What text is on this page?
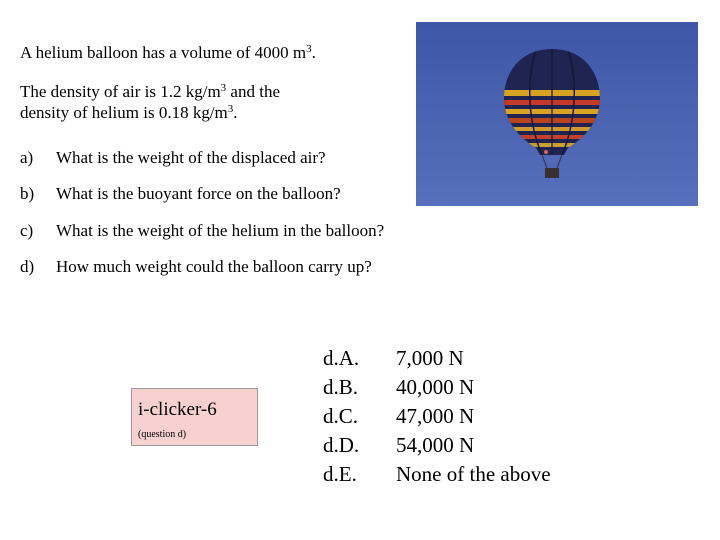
A helium balloon has a volume of 4000 $m^3$.
The density of air is 1.2 $kg/m^3$ and the
density of helium is 0.18 $kg/m^3$.
a) What is the weight of the displaced air?
b) What is the buoyant force on the balloon?
c) What is the weight of the helium in the balloon?
d) How much weight could the balloon carry up?
i-clicker-6
(question d)
d.A.
d.B.
d.C.
d.D.
d.E.
7,000 N
40,000 N
47,000 N
54,000 N
None of the above
